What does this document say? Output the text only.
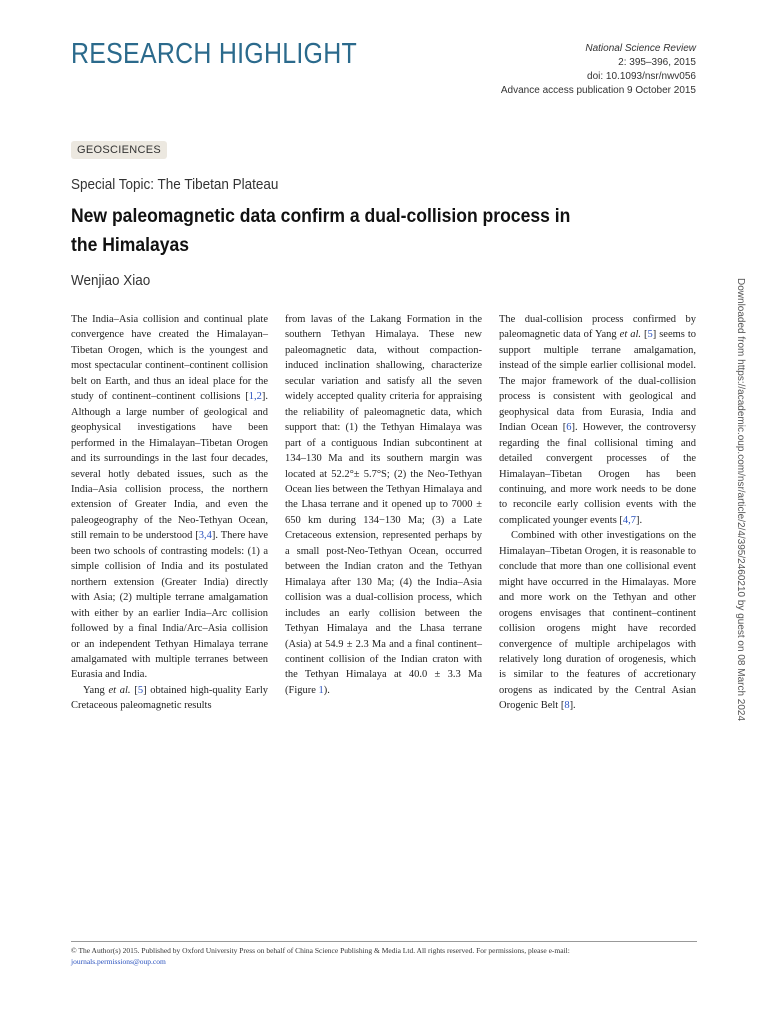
RESEARCH HIGHLIGHT	National Science Review
2: 395–396, 2015
doi: 10.1093/nsr/nwv056
Advance access publication 9 October 2015
GEOSCIENCES
Special Topic: The Tibetan Plateau
New paleomagnetic data confirm a dual-collision process in the Himalayas
Wenjiao Xiao

The India–Asia collision and continual plate convergence have created the Himalayan–Tibetan Orogen, which is the youngest and most spectacular continent–continent collision belt on Earth, and thus an ideal place for the study of continent–continent collisions [1,2]. Although a large number of geological and geophysical investigations have been performed in the Himalayan–Tibetan Orogen and its surroundings in the last four decades, several hotly debated issues, such as the India–Asia collision process, the northern extension of Greater India, and even the paleogeography of the Neo-Tethyan Ocean, still remain to be understood [3,4]. There have been two schools of contrasting models: (1) a simple collision of India and its postulated northern extension (Greater India) directly with Asia; (2) multiple terrane amalgamation with either by an earlier India–Arc collision followed by a final India/Arc–Asia collision or an independent Tethyan Himalaya terrane amalgamated with multiple terranes between Eurasia and India.

Yang et al. [5] obtained high-quality Early Cretaceous paleomagnetic results

from lavas of the Lakang Formation in the southern Tethyan Himalaya. These new paleomagnetic data, without compaction-induced inclination shallowing, characterize secular variation and satisfy all the seven widely accepted quality criteria for appraising the reliability of paleomagnetic data, which support that: (1) the Tethyan Himalaya was part of a contiguous Indian subcontinent at 134–130 Ma and its southern margin was located at 52.2°± 5.7°S; (2) the Neo-Tethyan Ocean lies between the Tethyan Himalaya and the Lhasa terrane and it opened up to 7000 ± 650 km during 134−130 Ma; (3) a Late Cretaceous extension, represented perhaps by a small post-Neo-Tethyan Ocean, occurred between the Indian craton and the Tethyan Himalaya after 130 Ma; (4) the India–Asia collision was a dual-collision process, which includes an early collision between the Tethyan Himalaya and the Lhasa terrane (Asia) at 54.9 ± 2.3 Ma and a final continent–continent collision of the Indian craton with the Tethyan Himalaya at 40.0 ± 3.3 Ma (Figure 1).

The dual-collision process confirmed by paleomagnetic data of Yang et al. [5] seems to support multiple terrane amalgamation, instead of the simple earlier collisional model. The major framework of the dual-collision process is consistent with geological and geophysical data from Eurasia, India and Indian Ocean [6]. However, the controversy regarding the final collisional timing and detailed convergent processes of the Himalayan–Tibetan Orogen has been continuing, and more work needs to be done to reconcile early collision events with the complicated younger events [4,7].

Combined with other investigations on the Himalayan–Tibetan Orogen, it is reasonable to conclude that more than one collisional event might have occurred in the Himalayas. More and more work on the Tethyan and other orogens envisages that continent–continent collision orogens might have recorded convergence of multiple archipelagos with relatively long duration of orogenesis, which is similar to the features of accretionary orogens as indicated by the Central Asian Orogenic Belt [8].	Downloaded from https://academic.oup.com/nsr/article/2/4/395/2460210 by guest on 08 March 2024
© The Author(s) 2015. Published by Oxford University Press on behalf of China Science Publishing & Media Ltd. All rights reserved. For permissions, please e-mail:
journals.permissions@oup.com
